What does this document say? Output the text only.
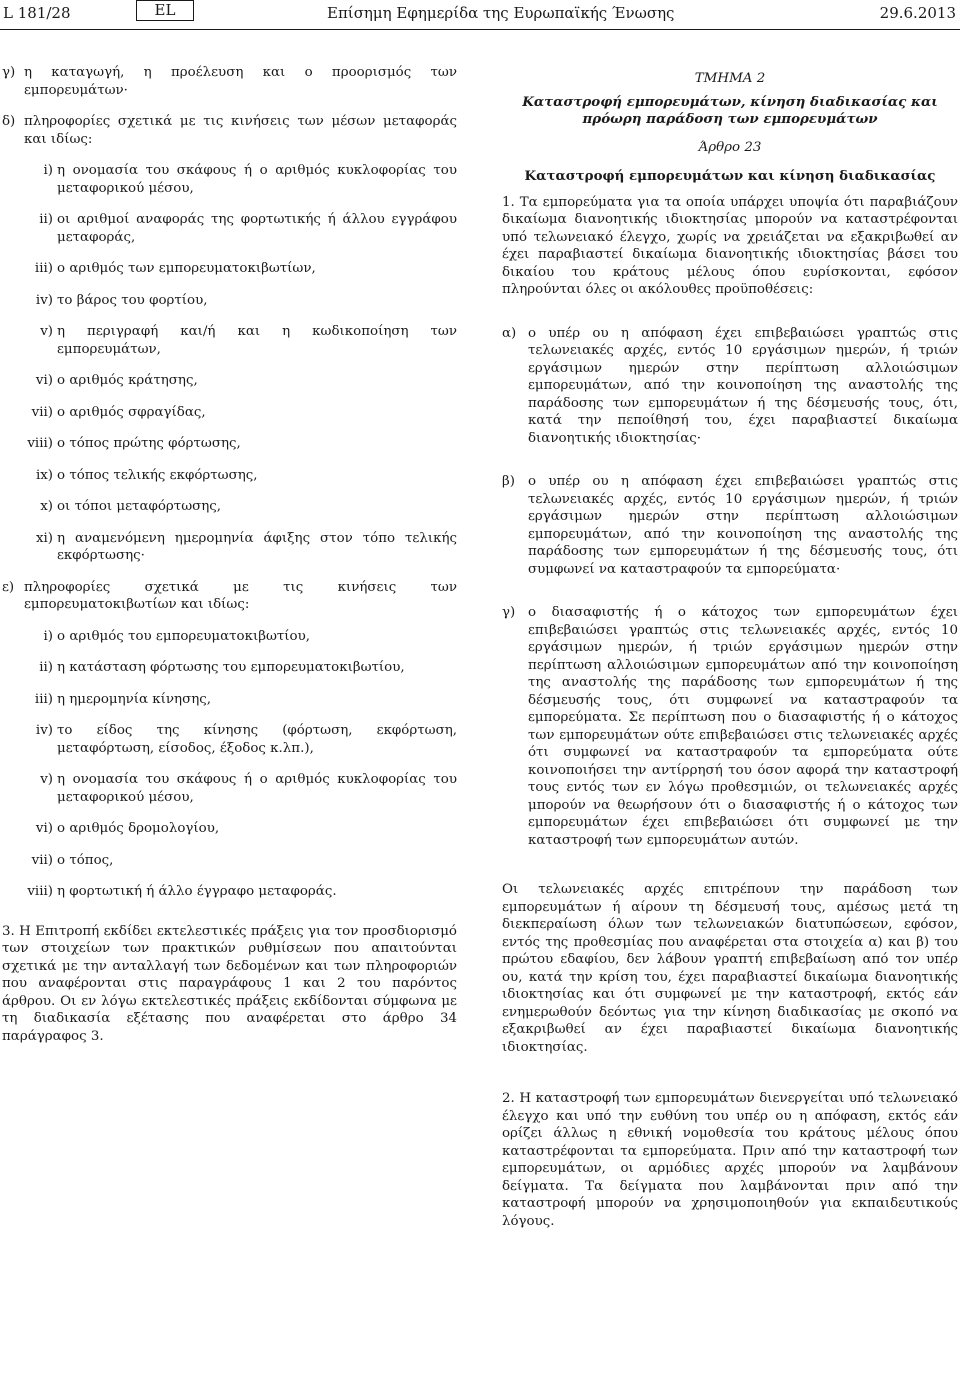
L 181/28	EL	Επίσημη Εφημερίδα της Ευρωπαϊκής Ένωσης	29.6.2013
γ) η καταγωγή, η προέλευση και ο προορισμός των εμπορευμάτων·
δ) πληροφορίες σχετικά με τις κινήσεις των μέσων μεταφοράς και ιδίως:
i) η ονομασία του σκάφους ή ο αριθμός κυκλοφορίας του μεταφορικού μέσου,
ii) οι αριθμοί αναφοράς της φορτωτικής ή άλλου εγγράφου μεταφοράς,
iii) ο αριθμός των εμπορευματοκιβωτίων,
iv) το βάρος του φορτίου,
v) η περιγραφή και/ή και η κωδικοποίηση των εμπορευμάτων,
vi) ο αριθμός κράτησης,
vii) ο αριθμός σφραγίδας,
viii) ο τόπος πρώτης φόρτωσης,
ix) ο τόπος τελικής εκφόρτωσης,
x) οι τόποι μεταφόρτωσης,
xi) η αναμενόμενη ημερομηνία άφιξης στον τόπο τελικής εκφόρτωσης·
ε) πληροφορίες σχετικά με τις κινήσεις των εμπορευματοκιβωτίων και ιδίως:
i) ο αριθμός του εμπορευματοκιβωτίου,
ii) η κατάσταση φόρτωσης του εμπορευματοκιβωτίου,
iii) η ημερομηνία κίνησης,
iv) το είδος της κίνησης (φόρτωση, εκφόρτωση, μεταφόρτωση, είσοδος, έξοδος κ.λπ.),
v) η ονομασία του σκάφους ή ο αριθμός κυκλοφορίας του μεταφορικού μέσου,
vi) ο αριθμός δρομολογίου,
vii) ο τόπος,
viii) η φορτωτική ή άλλο έγγραφο μεταφοράς.

3. Η Επιτροπή εκδίδει εκτελεστικές πράξεις για τον προσδιορισμό των στοιχείων των πρακτικών ρυθμίσεων που απαιτούνται σχετικά με την ανταλλαγή των δεδομένων και των πληροφοριών που αναφέρονται στις παραγράφους 1 και 2 του παρόντος άρθρου. Οι εν λόγω εκτελεστικές πράξεις εκδίδονται σύμφωνα με τη διαδικασία εξέτασης που αναφέρεται στο άρθρο 34 παράγραφος 3.

ΤΜΗΜΑ 2
Καταστροφή εμπορευμάτων, κίνηση διαδικασίας και πρόωρη παράδοση των εμπορευμάτων
Άρθρο 23
Καταστροφή εμπορευμάτων και κίνηση διαδικασίας

1. Τα εμπορεύματα για τα οποία υπάρχει υποψία ότι παραβιάζουν δικαίωμα διανοητικής ιδιοκτησίας μπορούν να καταστρέφονται υπό τελωνειακό έλεγχο, χωρίς να χρειάζεται να εξακριβωθεί αν έχει παραβιαστεί δικαίωμα διανοητικής ιδιοκτησίας βάσει του δικαίου του κράτους μέλους όπου ευρίσκονται, εφόσον πληρούνται όλες οι ακόλουθες προϋποθέσεις:

α) ο υπέρ ου η απόφαση έχει επιβεβαιώσει γραπτώς στις τελωνειακές αρχές, εντός 10 εργάσιμων ημερών, ή τριών εργάσιμων ημερών στην περίπτωση αλλοιώσιμων εμπορευμάτων, από την κοινοποίηση της αναστολής της παράδοσης των εμπορευμάτων ή της δέσμευσής τους, ότι, κατά την πεποίθησή του, έχει παραβιαστεί δικαίωμα διανοητικής ιδιοκτησίας·
β) ο υπέρ ου η απόφαση έχει επιβεβαιώσει γραπτώς στις τελωνειακές αρχές, εντός 10 εργάσιμων ημερών, ή τριών εργάσιμων ημερών στην περίπτωση αλλοιώσιμων εμπορευμάτων, από την κοινοποίηση της αναστολής της παράδοσης των εμπορευμάτων ή της δέσμευσής τους, ότι συμφωνεί να καταστραφούν τα εμπορεύματα·
γ) ο διασαφιστής ή ο κάτοχος των εμπορευμάτων έχει επιβεβαιώσει γραπτώς στις τελωνειακές αρχές, εντός 10 εργάσιμων ημερών, ή τριών εργάσιμων ημερών στην περίπτωση αλλοιώσιμων εμπορευμάτων από την κοινοποίηση της αναστολής της παράδοσης των εμπορευμάτων ή της δέσμευσής τους, ότι συμφωνεί να καταστραφούν τα εμπορεύματα. Σε περίπτωση που ο διασαφιστής ή ο κάτοχος των εμπορευμάτων ούτε επιβεβαιώσει στις τελωνειακές αρχές ότι συμφωνεί να καταστραφούν τα εμπορεύματα ούτε κοινοποιήσει την αντίρρησή του όσον αφορά την καταστροφή τους εντός των εν λόγω προθεσμιών, οι τελωνειακές αρχές μπορούν να θεωρήσουν ότι ο διασαφιστής ή ο κάτοχος των εμπορευμάτων έχει επιβεβαιώσει ότι συμφωνεί με την καταστροφή των εμπορευμάτων αυτών.

Οι τελωνειακές αρχές επιτρέπουν την παράδοση των εμπορευμάτων ή αίρουν τη δέσμευσή τους, αμέσως μετά τη διεκπεραίωση όλων των τελωνειακών διατυπώσεων, εφόσον, εντός της προθεσμίας που αναφέρεται στα στοιχεία α) και β) του πρώτου εδαφίου, δεν λάβουν γραπτή επιβεβαίωση από τον υπέρ ου, κατά την κρίση του, έχει παραβιαστεί δικαίωμα διανοητικής ιδιοκτησίας και ότι συμφωνεί με την καταστροφή, εκτός εάν ενημερωθούν δεόντως για την κίνηση διαδικασίας με σκοπό να εξακριβωθεί αν έχει παραβιαστεί δικαίωμα διανοητικής ιδιοκτησίας.

2. Η καταστροφή των εμπορευμάτων διενεργείται υπό τελωνειακό έλεγχο και υπό την ευθύνη του υπέρ ου η απόφαση, εκτός εάν ορίζει άλλως η εθνική νομοθεσία του κράτους μέλους όπου καταστρέφονται τα εμπορεύματα. Πριν από την καταστροφή των εμπορευμάτων, οι αρμόδιες αρχές μπορούν να λαμβάνουν δείγματα. Τα δείγματα που λαμβάνονται πριν από την καταστροφή μπορούν να χρησιμοποιηθούν για εκπαιδευτικούς λόγους.
